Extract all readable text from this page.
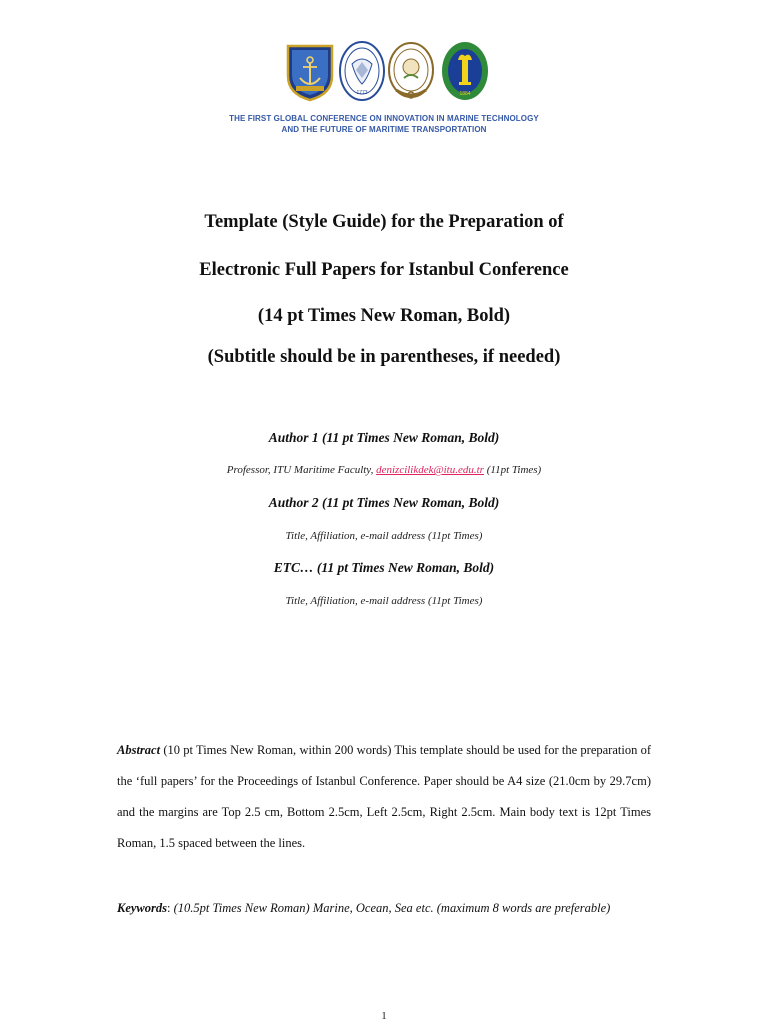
1773	1884
THE FIRST GLOBAL CONFERENCE ON INNOVATION IN MARINE TECHNOLOGY
AND THE FUTURE OF MARITIME TRANSPORTATION
Template (Style Guide) for the Preparation of
Electronic Full Papers for Istanbul Conference
(14 pt Times New Roman, Bold)
(Subtitle should be in parentheses, if needed)
Author 1 (11 pt Times New Roman, Bold)
Professor, ITU Maritime Faculty, denizcilikdek@itu.edu.tr (11pt Times)
Author 2 (11 pt Times New Roman, Bold)
Title, Affiliation, e-mail address (11pt Times)
ETC… (11 pt Times New Roman, Bold)
Title, Affiliation, e-mail address (11pt Times)
Abstract (10 pt Times New Roman, within 200 words) This template should be used for the preparation of the ‘full papers’ for the Proceedings of Istanbul Conference. Paper should be A4 size (21.0cm by 29.7cm) and the margins are Top 2.5 cm, Bottom 2.5cm, Left 2.5cm, Right 2.5cm. Main body text is 12pt Times Roman, 1.5 spaced between the lines.
Keywords: (10.5pt Times New Roman) Marine, Ocean, Sea etc. (maximum 8 words are preferable)
1
